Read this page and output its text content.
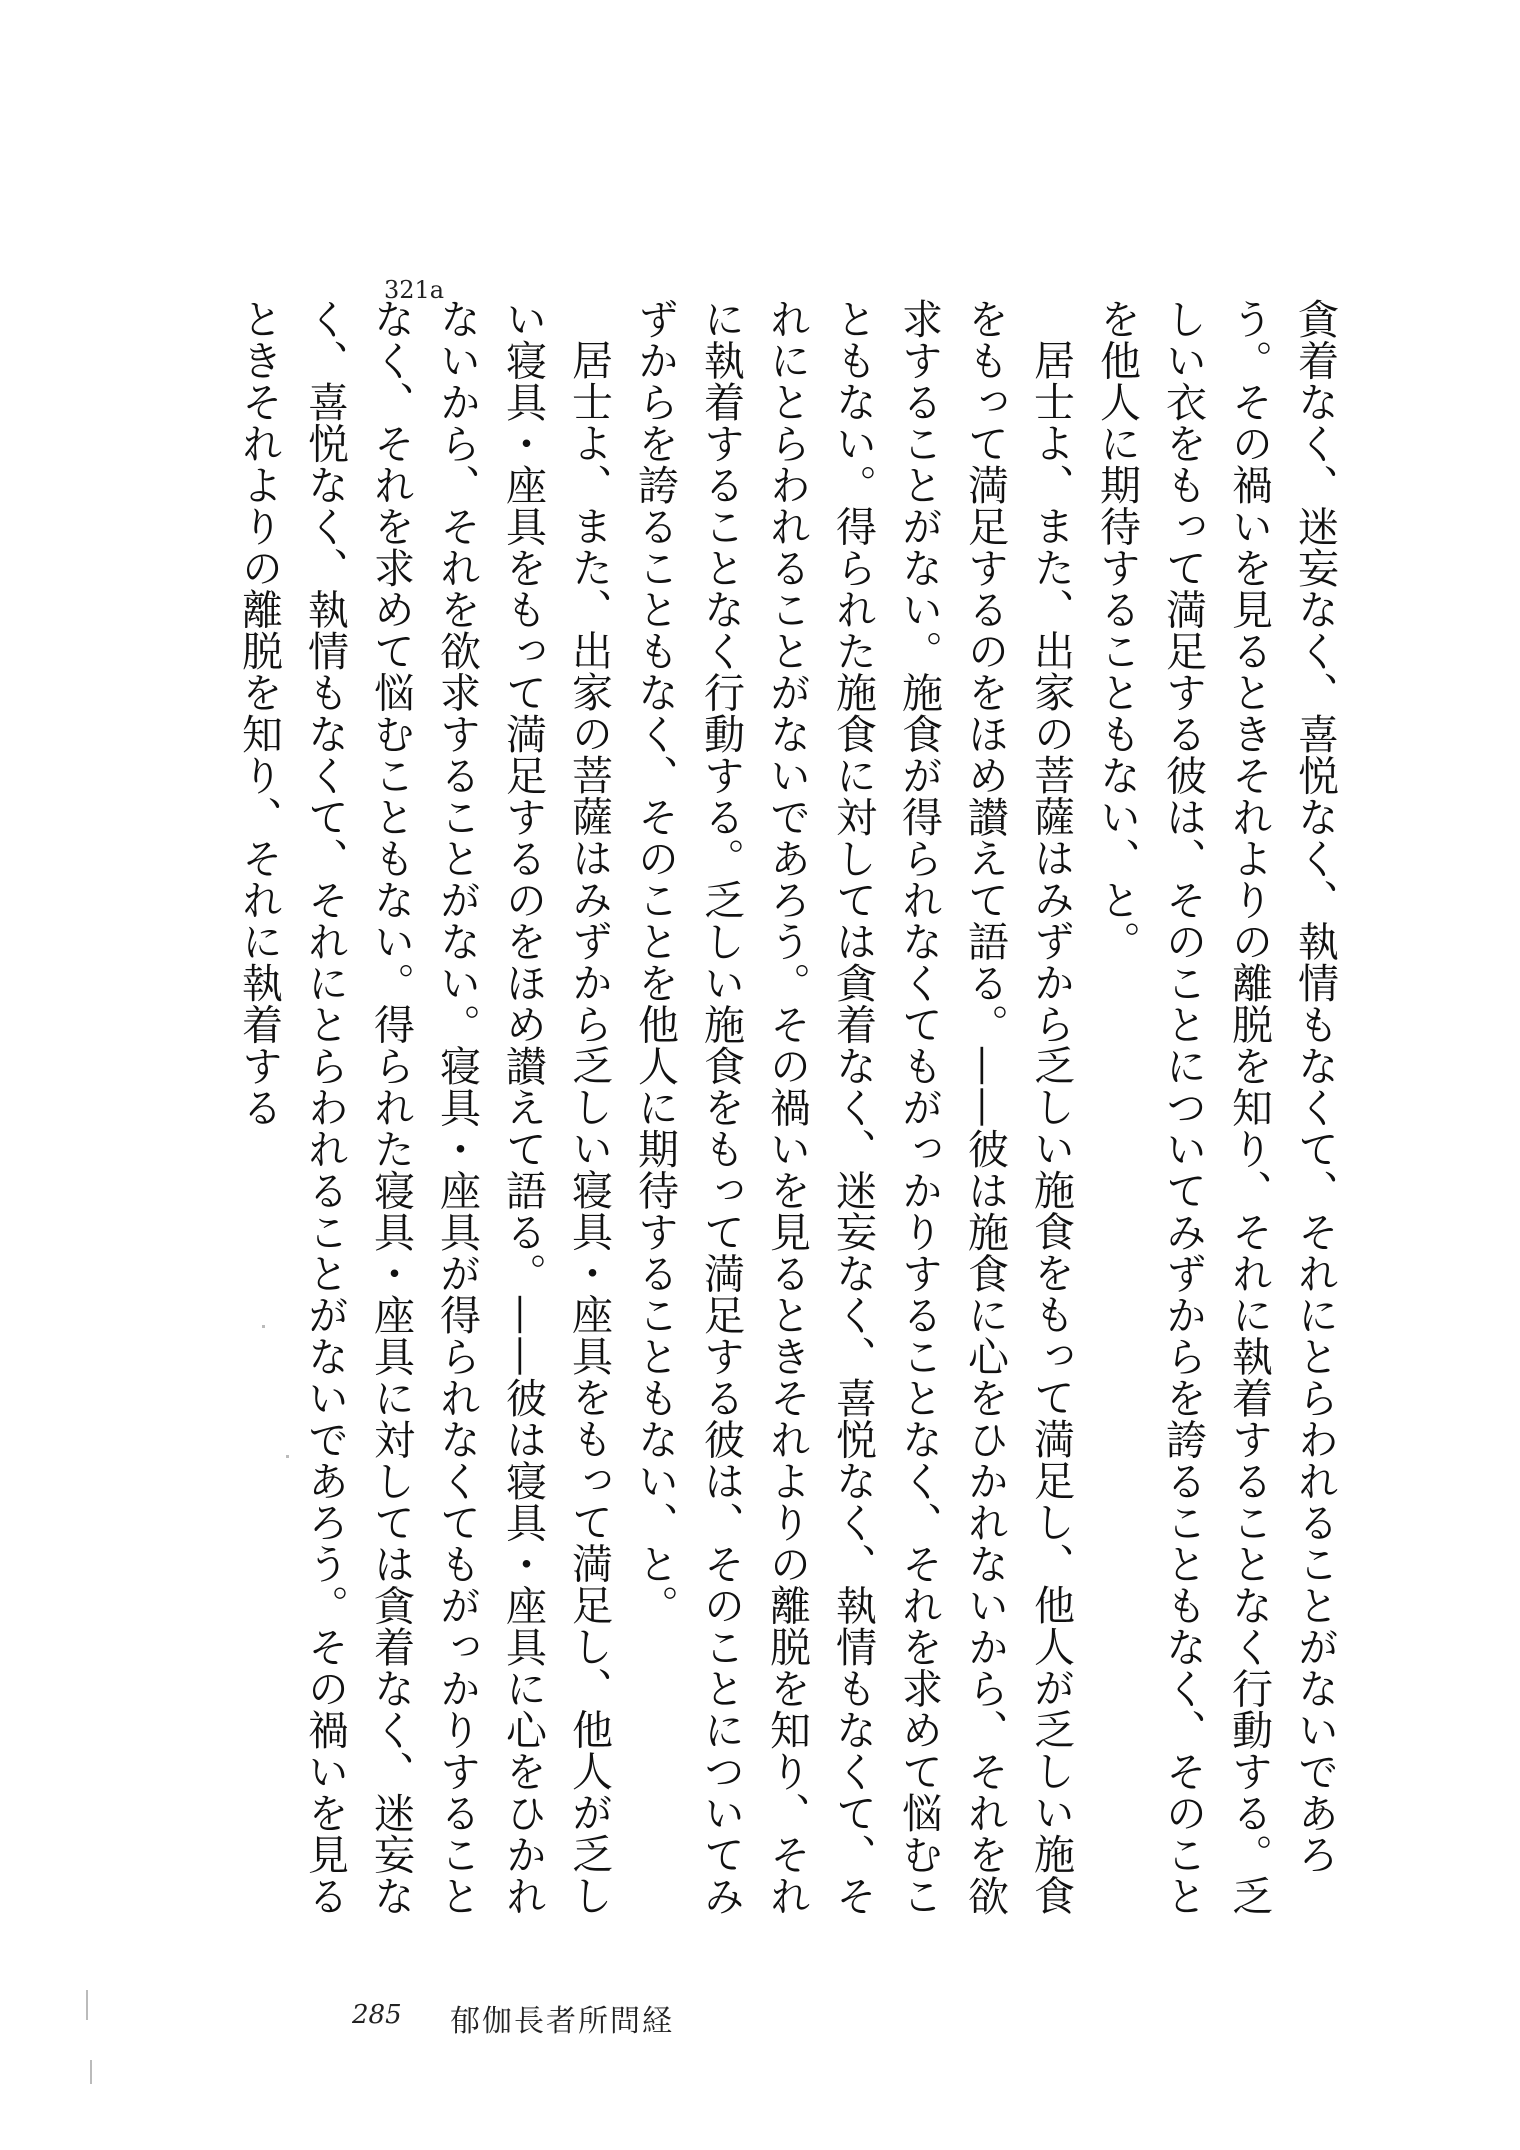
321a

貪着なく、迷妄なく、喜悦なく、執情もなくて、それにとらわれることがないであろう。その禍いを見るときそれよりの離脱を知り、それに執着することなく行動する。乏しい衣をもって満足する彼は、そのことについてみずからを誇ることもなく、そのことを他人に期待することもない、と。

居士よ、また、出家の菩薩はみずから乏しい施食をもって満足し、他人が乏しい施食をもって満足するのをほめ讃えて語る。——彼は施食に心をひかれないから、それを欲求することがない。施食が得られなくてもがっかりすることなく、それを求めて悩むこともない。得られた施食に対しては貪着なく、迷妄なく、喜悦なく、執情もなくて、それにとらわれることがないであろう。その禍いを見るときそれよりの離脱を知り、それに執着することなく行動する。乏しい施食をもって満足する彼は、そのことについてみずからを誇ることもなく、そのことを他人に期待することもない、と。

居士よ、また、出家の菩薩はみずから乏しい寝具・座具をもって満足し、他人が乏しい寝具・座具をもって満足するのをほめ讃えて語る。——彼は寝具・座具に心をひかれないから、それを欲求することがない。寝具・座具が得られなくてもがっかりすることなく、それを求めて悩むこともない。得られた寝具・座具に対しては貪着なく、迷妄なく、喜悦なく、執情もなくて、それにとらわれることがないであろう。その禍いを見るときそれよりの離脱を知り、それに執着する

285 郁伽長者所問経
